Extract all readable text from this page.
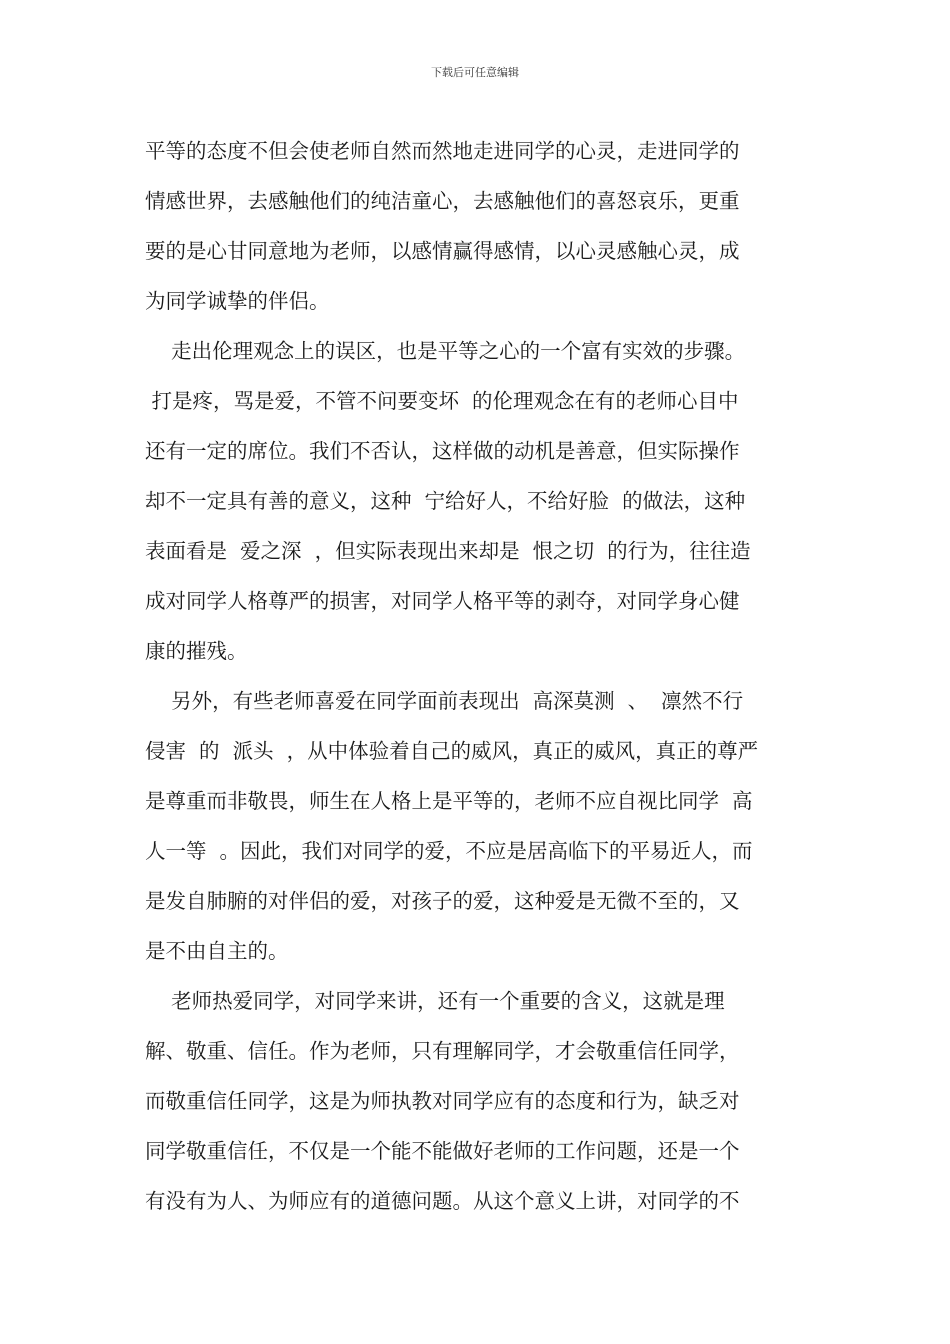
下载后可任意编辑
平等的态度不但会使老师自然而然地走进同学的心灵，走进同学的
情感世界，去感触他们的纯洁童心，去感触他们的喜怒哀乐，更重
要的是心甘同意地为老师，以感情赢得感情，以心灵感触心灵，成
为同学诚挚的伴侣。
走出伦理观念上的误区，也是平等之心的一个富有实效的步骤。
打是疼，骂是爱，不管不问要变坏  的伦理观念在有的老师心目中
还有一定的席位。我们不否认，这样做的动机是善意，但实际操作
却不一定具有善的意义，这种  宁给好人，不给好脸  的做法，这种
表面看是  爱之深  ，但实际表现出来却是  恨之切  的行为，往往造
成对同学人格尊严的损害，对同学人格平等的剥夺，对同学身心健
康的摧残。
另外，有些老师喜爱在同学面前表现出  高深莫测  、  凛然不行
侵害  的  派头  ，从中体验着自己的威风，真正的威风，真正的尊严
是尊重而非敬畏，师生在人格上是平等的，老师不应自视比同学  高
人一等  。因此，我们对同学的爱，不应是居高临下的平易近人，而
是发自肺腑的对伴侣的爱，对孩子的爱，这种爱是无微不至的，又
是不由自主的。
老师热爱同学，对同学来讲，还有一个重要的含义，这就是理
解、敬重、信任。作为老师，只有理解同学，才会敬重信任同学，
而敬重信任同学，这是为师执教对同学应有的态度和行为，缺乏对
同学敬重信任，不仅是一个能不能做好老师的工作问题，还是一个
有没有为人、为师应有的道德问题。从这个意义上讲，对同学的不
